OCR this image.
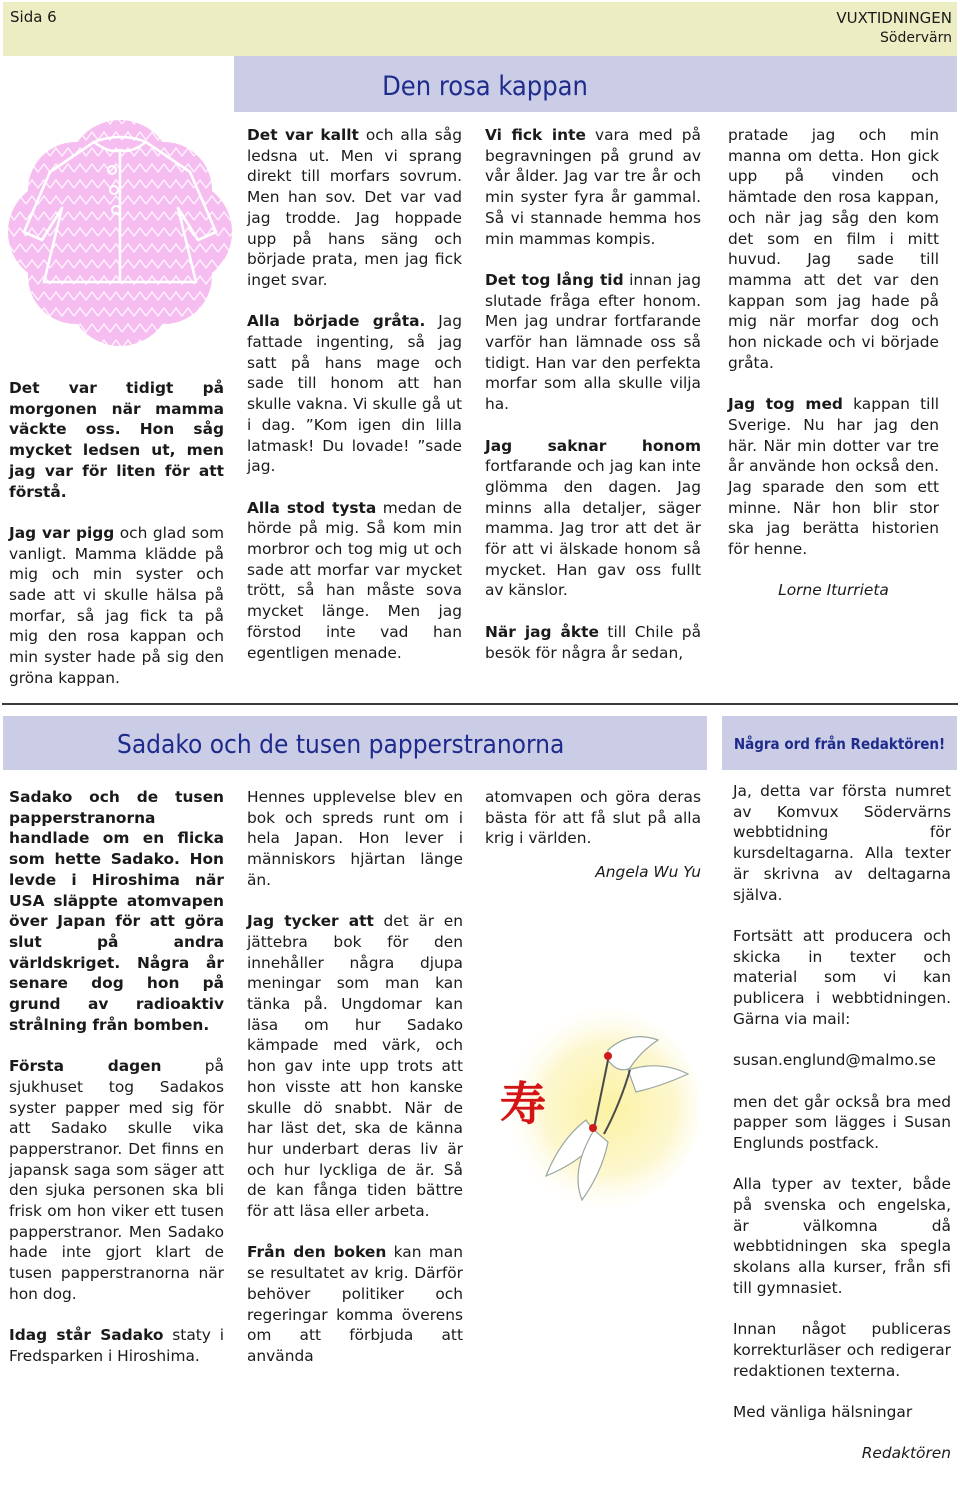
Sida 6	VUXTIDNINGEN
Södervärn
Den rosa kappan

Det var tidigt på morgonen när mamma väckte oss. Hon såg mycket ledsen ut, men jag var för liten för att förstå.

Jag var pigg och glad som vanligt. Mamma klädde på mig och min syster och sade att vi skulle hälsa på morfar, så jag fick ta på mig den rosa kappan och min syster hade på sig den gröna kappan.

Det var kallt och alla såg ledsna ut. Men vi sprang direkt till morfars sovrum. Men han sov. Det var vad jag trodde. Jag hoppade upp på hans säng och började prata, men jag fick inget svar.

Alla började gråta. Jag fattade ingenting, så jag satt på hans mage och sade till honom att han skulle vakna. Vi skulle gå ut i dag. ”Kom igen din lilla latmask! Du lovade! ”sade jag.

Alla stod tysta medan de hörde på mig. Så kom min morbror och tog mig ut och sade att morfar var mycket trött, så han måste sova mycket länge. Men jag förstod inte vad han egentligen menade.

Vi fick inte vara med på begravningen på grund av vår ålder. Jag var tre år och min syster fyra år gammal. Så vi stannade hemma hos min mammas kompis.

Det tog lång tid innan jag slutade fråga efter honom. Men jag undrar fortfarande varför han lämnade oss så tidigt. Han var den perfekta morfar som alla skulle vilja ha.

Jag saknar honom fortfarande och jag kan inte glömma den dagen. Jag minns alla detaljer, säger mamma. Jag tror att det är för att vi älskade honom så mycket. Han gav oss fullt av känslor.

När jag åkte till Chile på besök för några år sedan,

pratade jag och min manna om detta. Hon gick upp på vinden och hämtade den rosa kappan, och när jag såg den kom det som en film i mitt huvud. Jag sade till mamma att det var den kappan som jag hade på mig när morfar dog och hon nickade och vi började gråta.

Jag tog med kappan till Sverige. Nu har jag den här. När min dotter var tre år använde hon också den. Jag sparade den som ett minne. När hon blir stor ska jag berätta historien för henne.

Lorne Iturrieta

Sadako och de tusen papperstranorna	Några ord från Redaktören!

Sadako och de tusen papperstranorna handlade om en flicka som hette Sadako. Hon levde i Hiroshima när USA släppte atomvapen över Japan för att göra slut på andra världskriget. Några år senare dog hon på grund av radioaktiv strålning från bomben.

Första dagen på sjukhuset tog Sadakos syster papper med sig för att Sadako skulle vika papperstranor. Det finns en japansk saga som säger att den sjuka personen ska bli frisk om hon viker ett tusen papperstranor. Men Sadako hade inte gjort klart de tusen papperstranorna när hon dog.

Idag står Sadako staty i Fredsparken i Hiroshima.

Hennes upplevelse blev en bok och spreds runt om i hela Japan. Hon lever i människors hjärtan länge än.

Jag tycker att det är en jättebra bok för den innehåller några djupa meningar som man kan tänka på. Ungdomar kan läsa om hur Sadako kämpade med värk, och hon gav inte upp trots att hon visste att hon kanske skulle dö snabbt. När de har läst det, ska de känna hur underbart deras liv är och hur lyckliga de är. Så de kan fånga tiden bättre för att läsa eller arbeta.

Från den boken kan man se resultatet av krig. Därför behöver politiker och regeringar komma överens om att förbjuda att använda

atomvapen och göra deras bästa för att få slut på alla krig i världen.

Angela Wu Yu

寿

Ja, detta var första numret av Komvux Södervärns webbtidning för kursdeltagarna. Alla texter är skrivna av deltagarna själva.

Fortsätt att producera och skicka in texter och material som vi kan publicera i webbtidningen. Gärna via mail:

susan.englund@malmo.se

men det går också bra med papper som lägges i Susan Englunds postfack.

Alla typer av texter, både på svenska och engelska, är välkomna då webbtidningen ska spegla skolans alla kurser, från sfi till gymnasiet.

Innan något publiceras korrekturläser och redigerar redaktionen texterna.

Med vänliga hälsningar

Redaktören
